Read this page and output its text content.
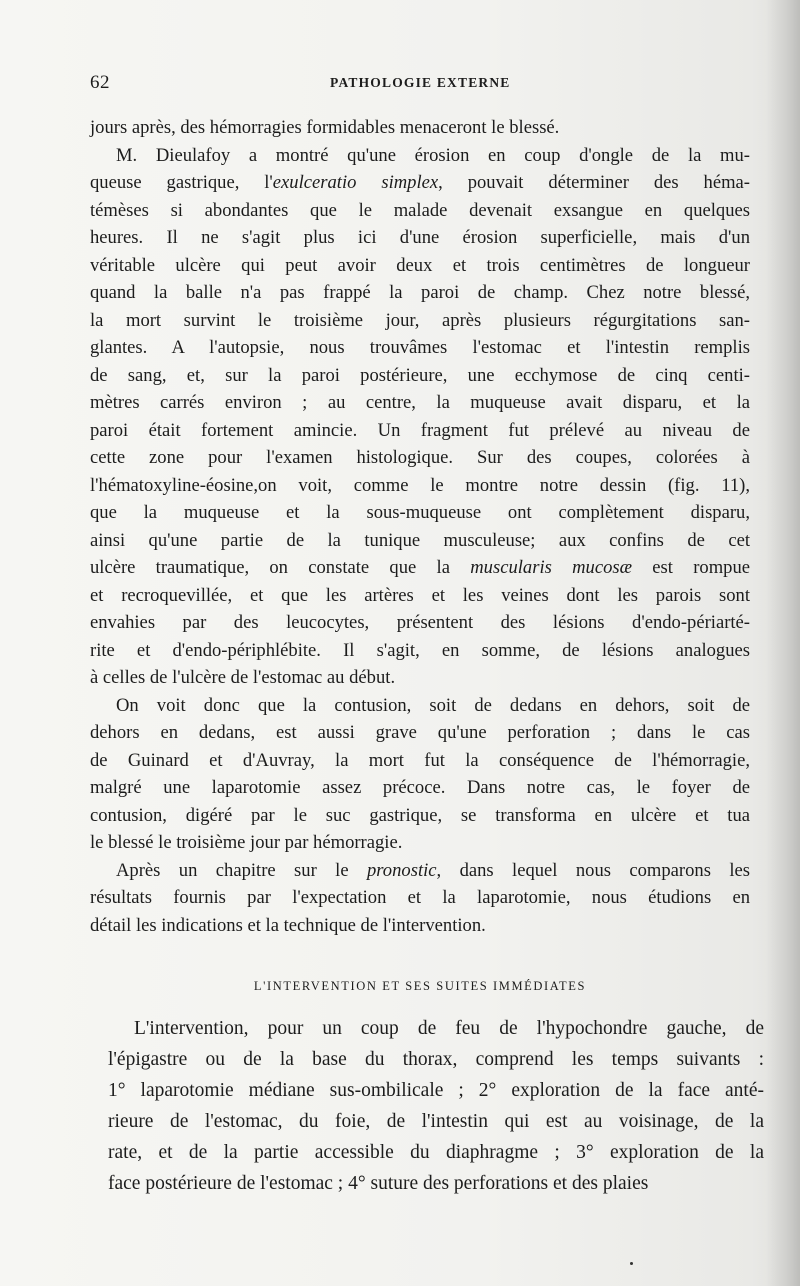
62	PATHOLOGIE EXTERNE
jours après, des hémorragies formidables menaceront le blessé.
M. Dieulafoy a montré qu'une érosion en coup d'ongle de la mu-
queuse gastrique, l'exulceratio simplex, pouvait déterminer des héma-
témèses si abondantes que le malade devenait exsangue en quelques
heures. Il ne s'agit plus ici d'une érosion superficielle, mais d'un
véritable ulcère qui peut avoir deux et trois centimètres de longueur
quand la balle n'a pas frappé la paroi de champ. Chez notre blessé,
la mort survint le troisième jour, après plusieurs régurgitations san-
glantes. A l'autopsie, nous trouvâmes l'estomac et l'intestin remplis
de sang, et, sur la paroi postérieure, une ecchymose de cinq centi-
mètres carrés environ ; au centre, la muqueuse avait disparu, et la
paroi était fortement amincie. Un fragment fut prélevé au niveau de
cette zone pour l'examen histologique. Sur des coupes, colorées à
l'hématoxyline-éosine,on voit, comme le montre notre dessin (fig. 11),
que la muqueuse et la sous-muqueuse ont complètement disparu,
ainsi qu'une partie de la tunique musculeuse; aux confins de cet
ulcère traumatique, on constate que la muscularis mucosæ est rompue
et recroquevillée, et que les artères et les veines dont les parois sont
envahies par des leucocytes, présentent des lésions d'endo-périarté-
rite et d'endo-périphlébite. Il s'agit, en somme, de lésions analogues
à celles de l'ulcère de l'estomac au début.
On voit donc que la contusion, soit de dedans en dehors, soit de
dehors en dedans, est aussi grave qu'une perforation ; dans le cas
de Guinard et d'Auvray, la mort fut la conséquence de l'hémorragie,
malgré une laparotomie assez précoce. Dans notre cas, le foyer de
contusion, digéré par le suc gastrique, se transforma en ulcère et tua
le blessé le troisième jour par hémorragie.
Après un chapitre sur le pronostic, dans lequel nous comparons les
résultats fournis par l'expectation et la laparotomie, nous étudions en
détail les indications et la technique de l'intervention.
L'INTERVENTION ET SES SUITES IMMÉDIATES
L'intervention, pour un coup de feu de l'hypochondre gauche, de
l'épigastre ou de la base du thorax, comprend les temps suivants :
1° laparotomie médiane sus-ombilicale ; 2° exploration de la face anté-
rieure de l'estomac, du foie, de l'intestin qui est au voisinage, de la
rate, et de la partie accessible du diaphragme ; 3° exploration de la
face postérieure de l'estomac ; 4° suture des perforations et des plaies
